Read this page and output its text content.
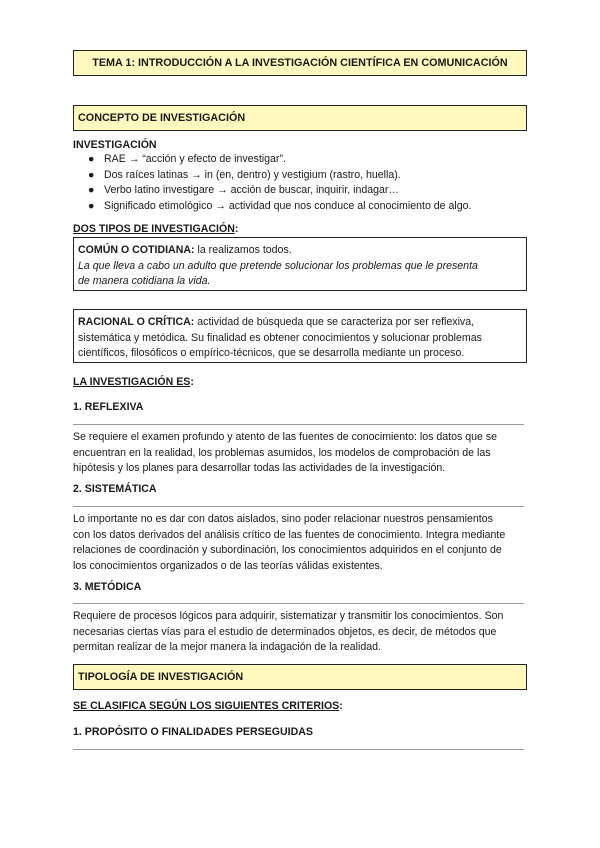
TEMA 1: INTRODUCCIÓN A LA INVESTIGACIÓN CIENTÍFICA EN COMUNICACIÓN
CONCEPTO DE INVESTIGACIÓN
INVESTIGACIÓN
● RAE → “acción y efecto de investigar”.
● Dos raíces latinas → in (en, dentro) y vestigium (rastro, huella).
● Verbo latino investigare → acción de buscar, inquirir, indagar…
● Significado etimológico → actividad que nos conduce al conocimiento de algo.
DOS TIPOS DE INVESTIGACIÓN:
COMÚN O COTIDIANA: la realizamos todos.
La que lleva a cabo un adulto que pretende solucionar los problemas que le presenta
de manera cotidiana la vida.
RACIONAL O CRÍTICA: actividad de búsqueda que se caracteriza por ser reflexiva,
sistemática y metódica. Su finalidad es obtener conocimientos y solucionar problemas
científicos, filosóficos o empírico-técnicos, que se desarrolla mediante un proceso.
LA INVESTIGACIÓN ES:
1. REFLEXIVA
Se requiere el examen profundo y atento de las fuentes de conocimiento: los datos que se
encuentran en la realidad, los problemas asumidos, los modelos de comprobación de las
hipótesis y los planes para desarrollar todas las actividades de la investigación.
2. SISTEMÁTICA
Lo importante no es dar con datos aislados, sino poder relacionar nuestros pensamientos
con los datos derivados del análisis crítico de las fuentes de conocimiento. Integra mediante
relaciones de coordinación y subordinación, los conocimientos adquiridos en el conjunto de
los conocimientos organizados o de las teorías válidas existentes.
3. METÓDICA
Requiere de procesos lógicos para adquirir, sistematizar y transmitir los conocimientos. Son
necesarias ciertas vías para el estudio de determinados objetos, es decir, de métodos que
permitan realizar de la mejor manera la indagación de la realidad.
TIPOLOGÍA DE INVESTIGACIÓN
SE CLASIFICA SEGÚN LOS SIGUIENTES CRITERIOS:
1. PROPÓSITO O FINALIDADES PERSEGUIDAS
